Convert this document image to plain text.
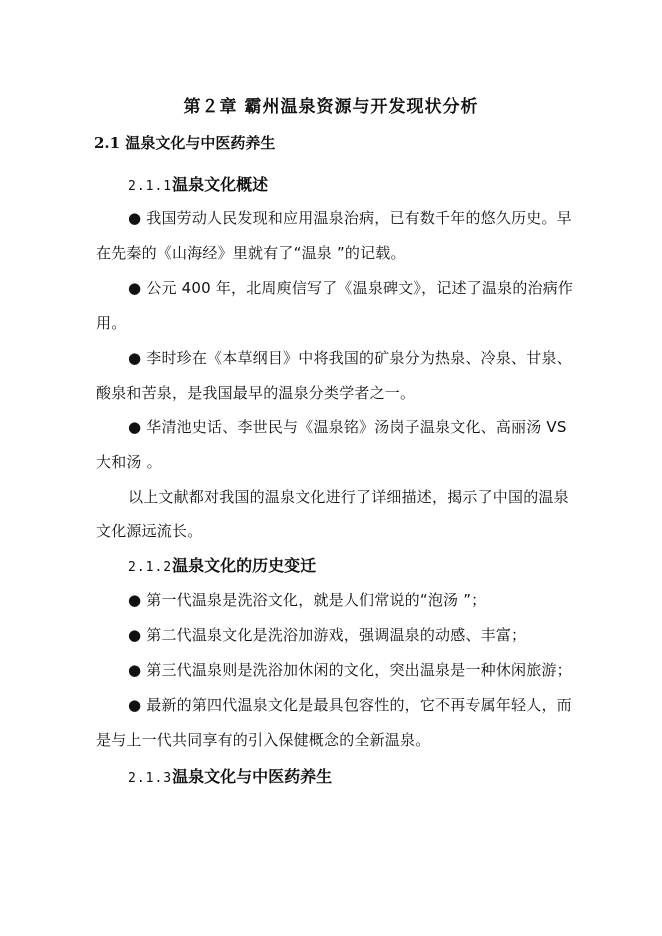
第２章 霸州温泉资源与开发现状分析
2.1 温泉文化与中医药养生
2.1.1温泉文化概述
● 我国劳动人民发现和应用温泉治病，已有数千年的悠久历史。早
在先秦的《山海经》里就有了“温泉 ”的记载。
● 公元 400 年，北周庾信写了《温泉碑文》，记述了温泉的治病作
用。
● 李时珍在《本草纲目》中将我国的矿泉分为热泉、冷泉、甘泉、
酸泉和苦泉，是我国最早的温泉分类学者之一。
● 华清池史话、李世民与《温泉铭》汤岗子温泉文化、高丽汤 VS
大和汤 。
以上文献都对我国的温泉文化进行了详细描述，揭示了中国的温泉
文化源远流长。
2.1.2温泉文化的历史变迁
● 第一代温泉是洗浴文化，就是人们常说的“泡汤 ”；
● 第二代温泉文化是洗浴加游戏，强调温泉的动感、丰富；
● 第三代温泉则是洗浴加休闲的文化，突出温泉是一种休闲旅游；
● 最新的第四代温泉文化是最具包容性的，它不再专属年轻人，而
是与上一代共同享有的引入保健概念的全新温泉。
2.1.3温泉文化与中医药养生
